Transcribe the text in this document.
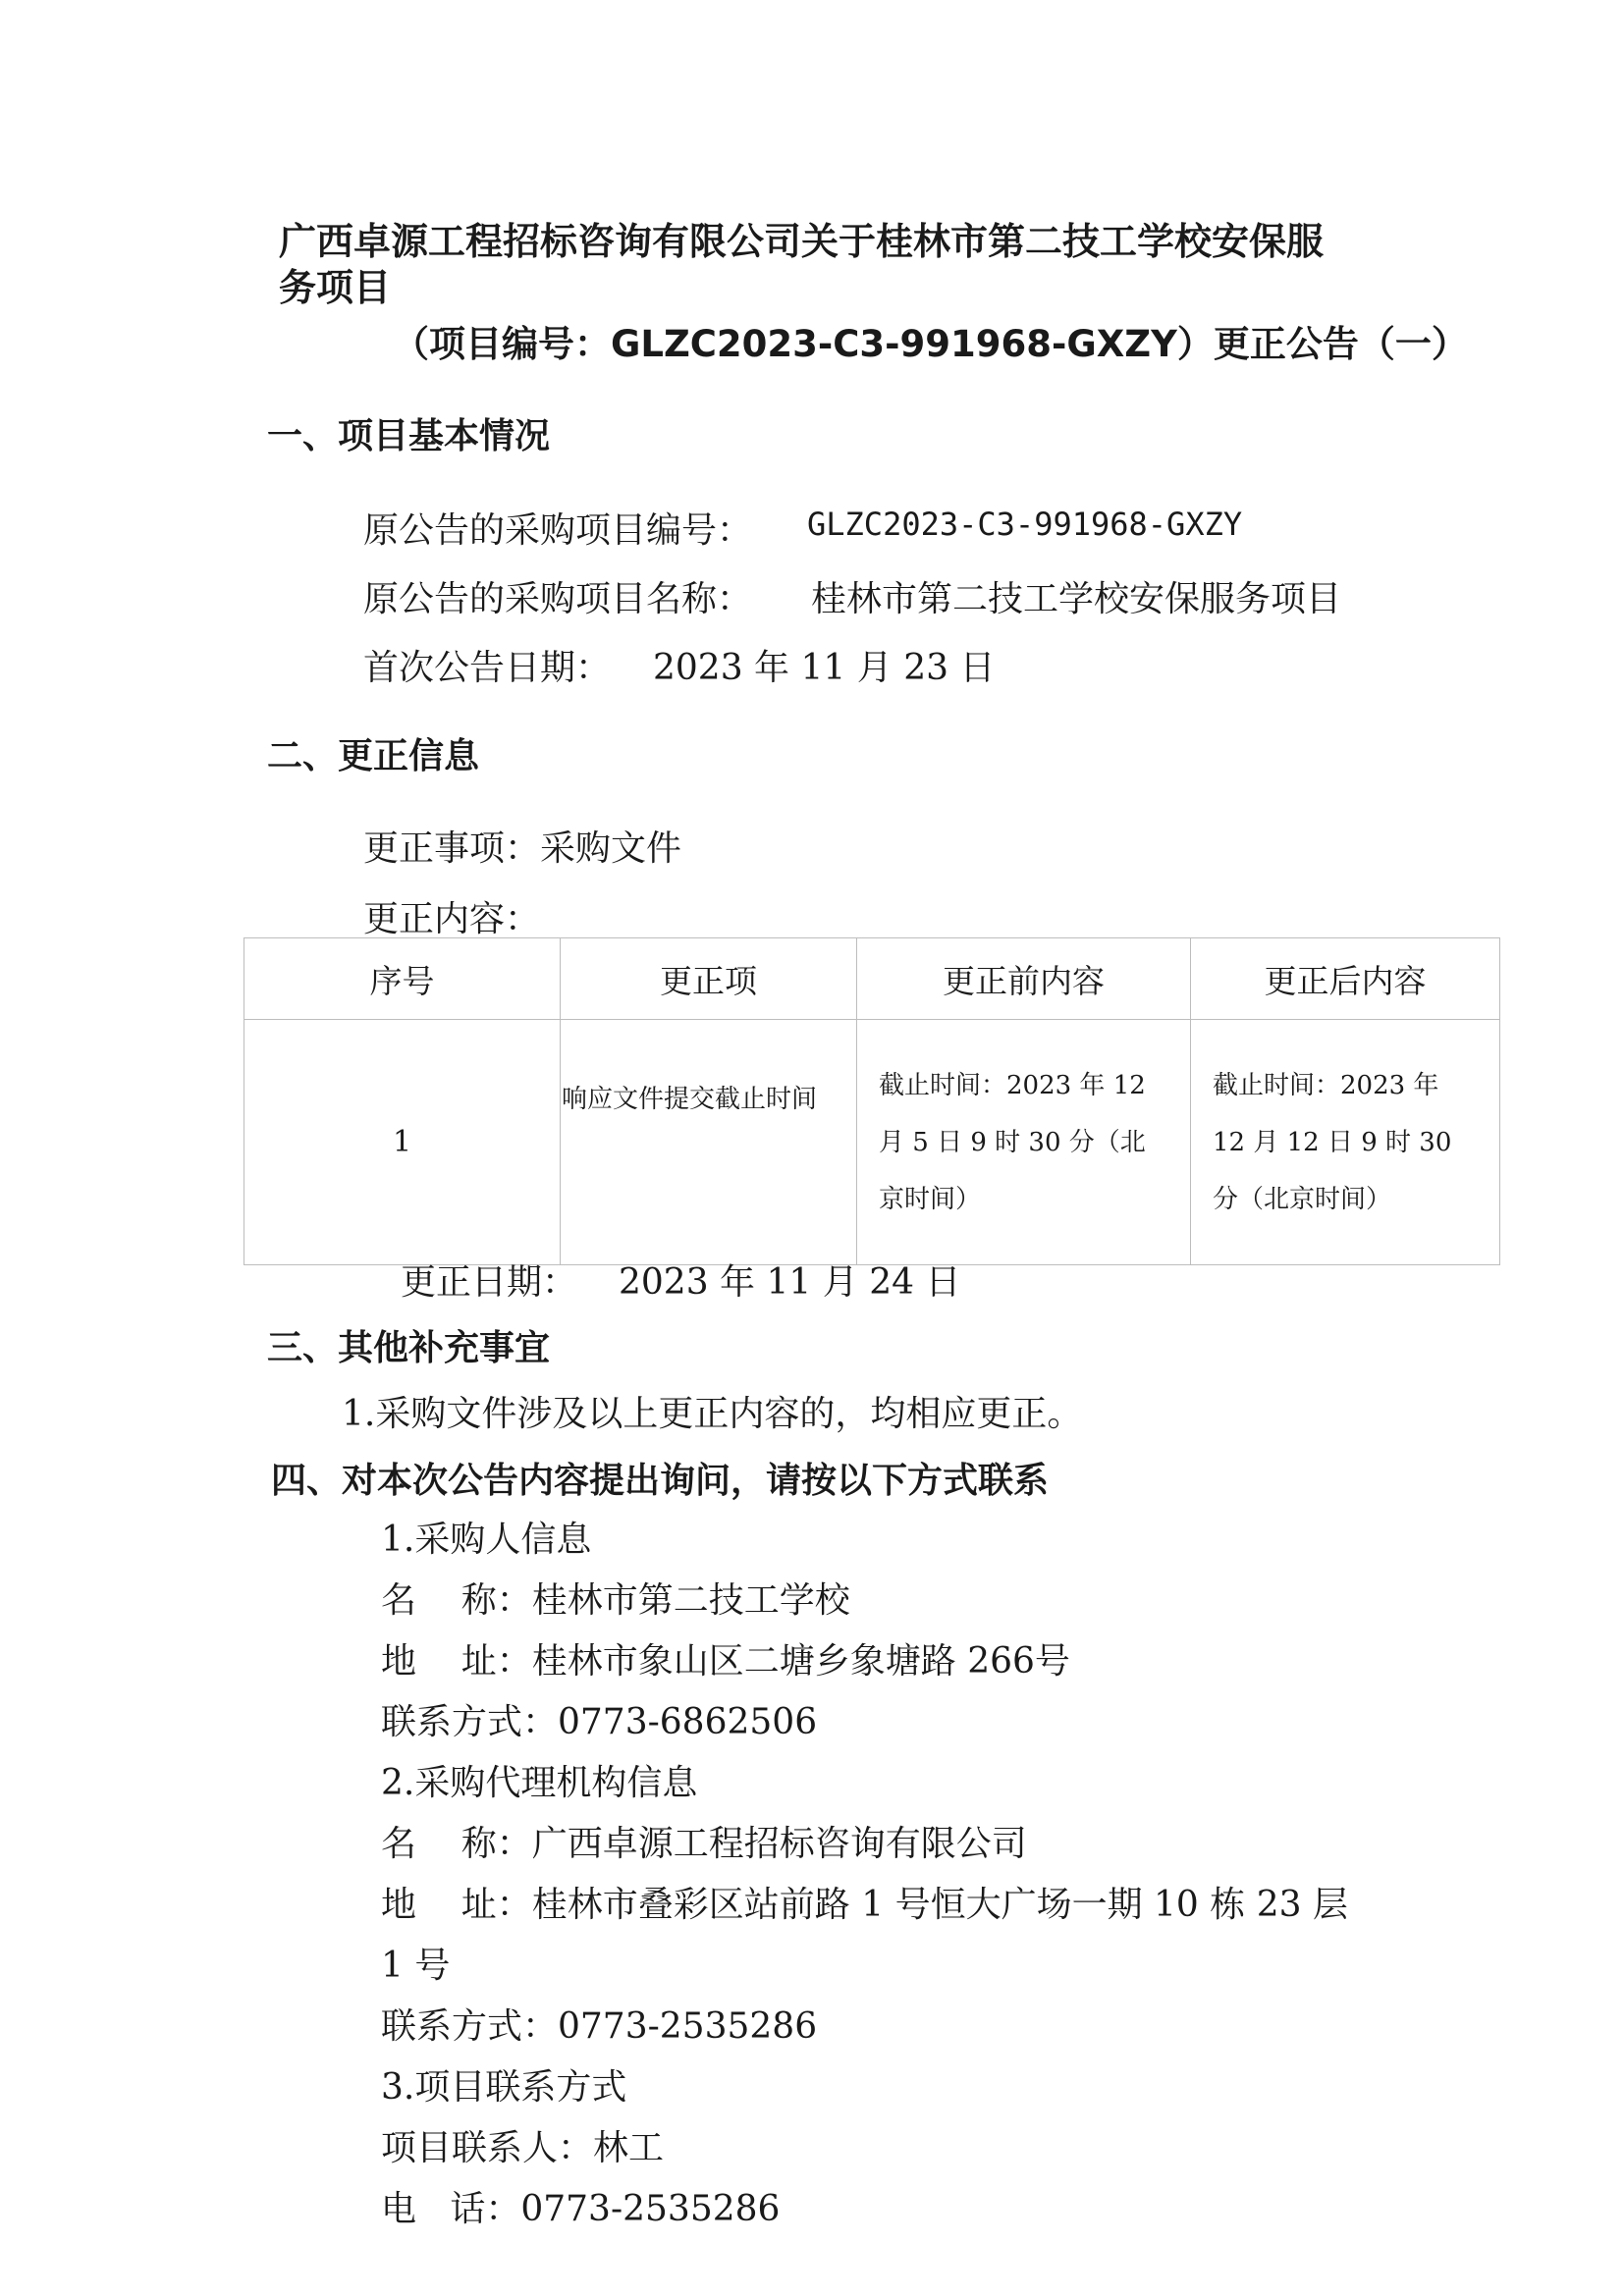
广西卓源工程招标咨询有限公司关于桂林市第二技工学校安保服
务项目
（项目编号：GLZC2023-C3-991968-GXZY）更正公告（一）
一、项目基本情况
原公告的采购项目编号： GLZC2023-C3-991968-GXZY
原公告的采购项目名称： 桂林市第二技工学校安保服务项目
首次公告日期： 2023 年 11 月 23 日
二、更正信息
更正事项：采购文件
更正内容：
序号	更正项	更正前内容	更正后内容
1	响应文件提交截止时间	截止时间：2023 年 12 月 5 日 9 时 30 分（北京时间）	截止时间：2023 年 12 月 12 日 9 时 30 分（北京时间）
更正日期： 2023 年 11 月 24 日
三、其他补充事宜
1.采购文件涉及以上更正内容的，均相应更正。
四、对本次公告内容提出询问，请按以下方式联系
1.采购人信息
名    称：桂林市第二技工学校
地    址：桂林市象山区二塘乡象塘路 266号
联系方式：0773-6862506
2.采购代理机构信息
名    称：广西卓源工程招标咨询有限公司
地    址：桂林市叠彩区站前路 1 号恒大广场一期 10 栋 23 层
1 号
联系方式：0773-2535286
3.项目联系方式
项目联系人：林工
电   话：0773-2535286
